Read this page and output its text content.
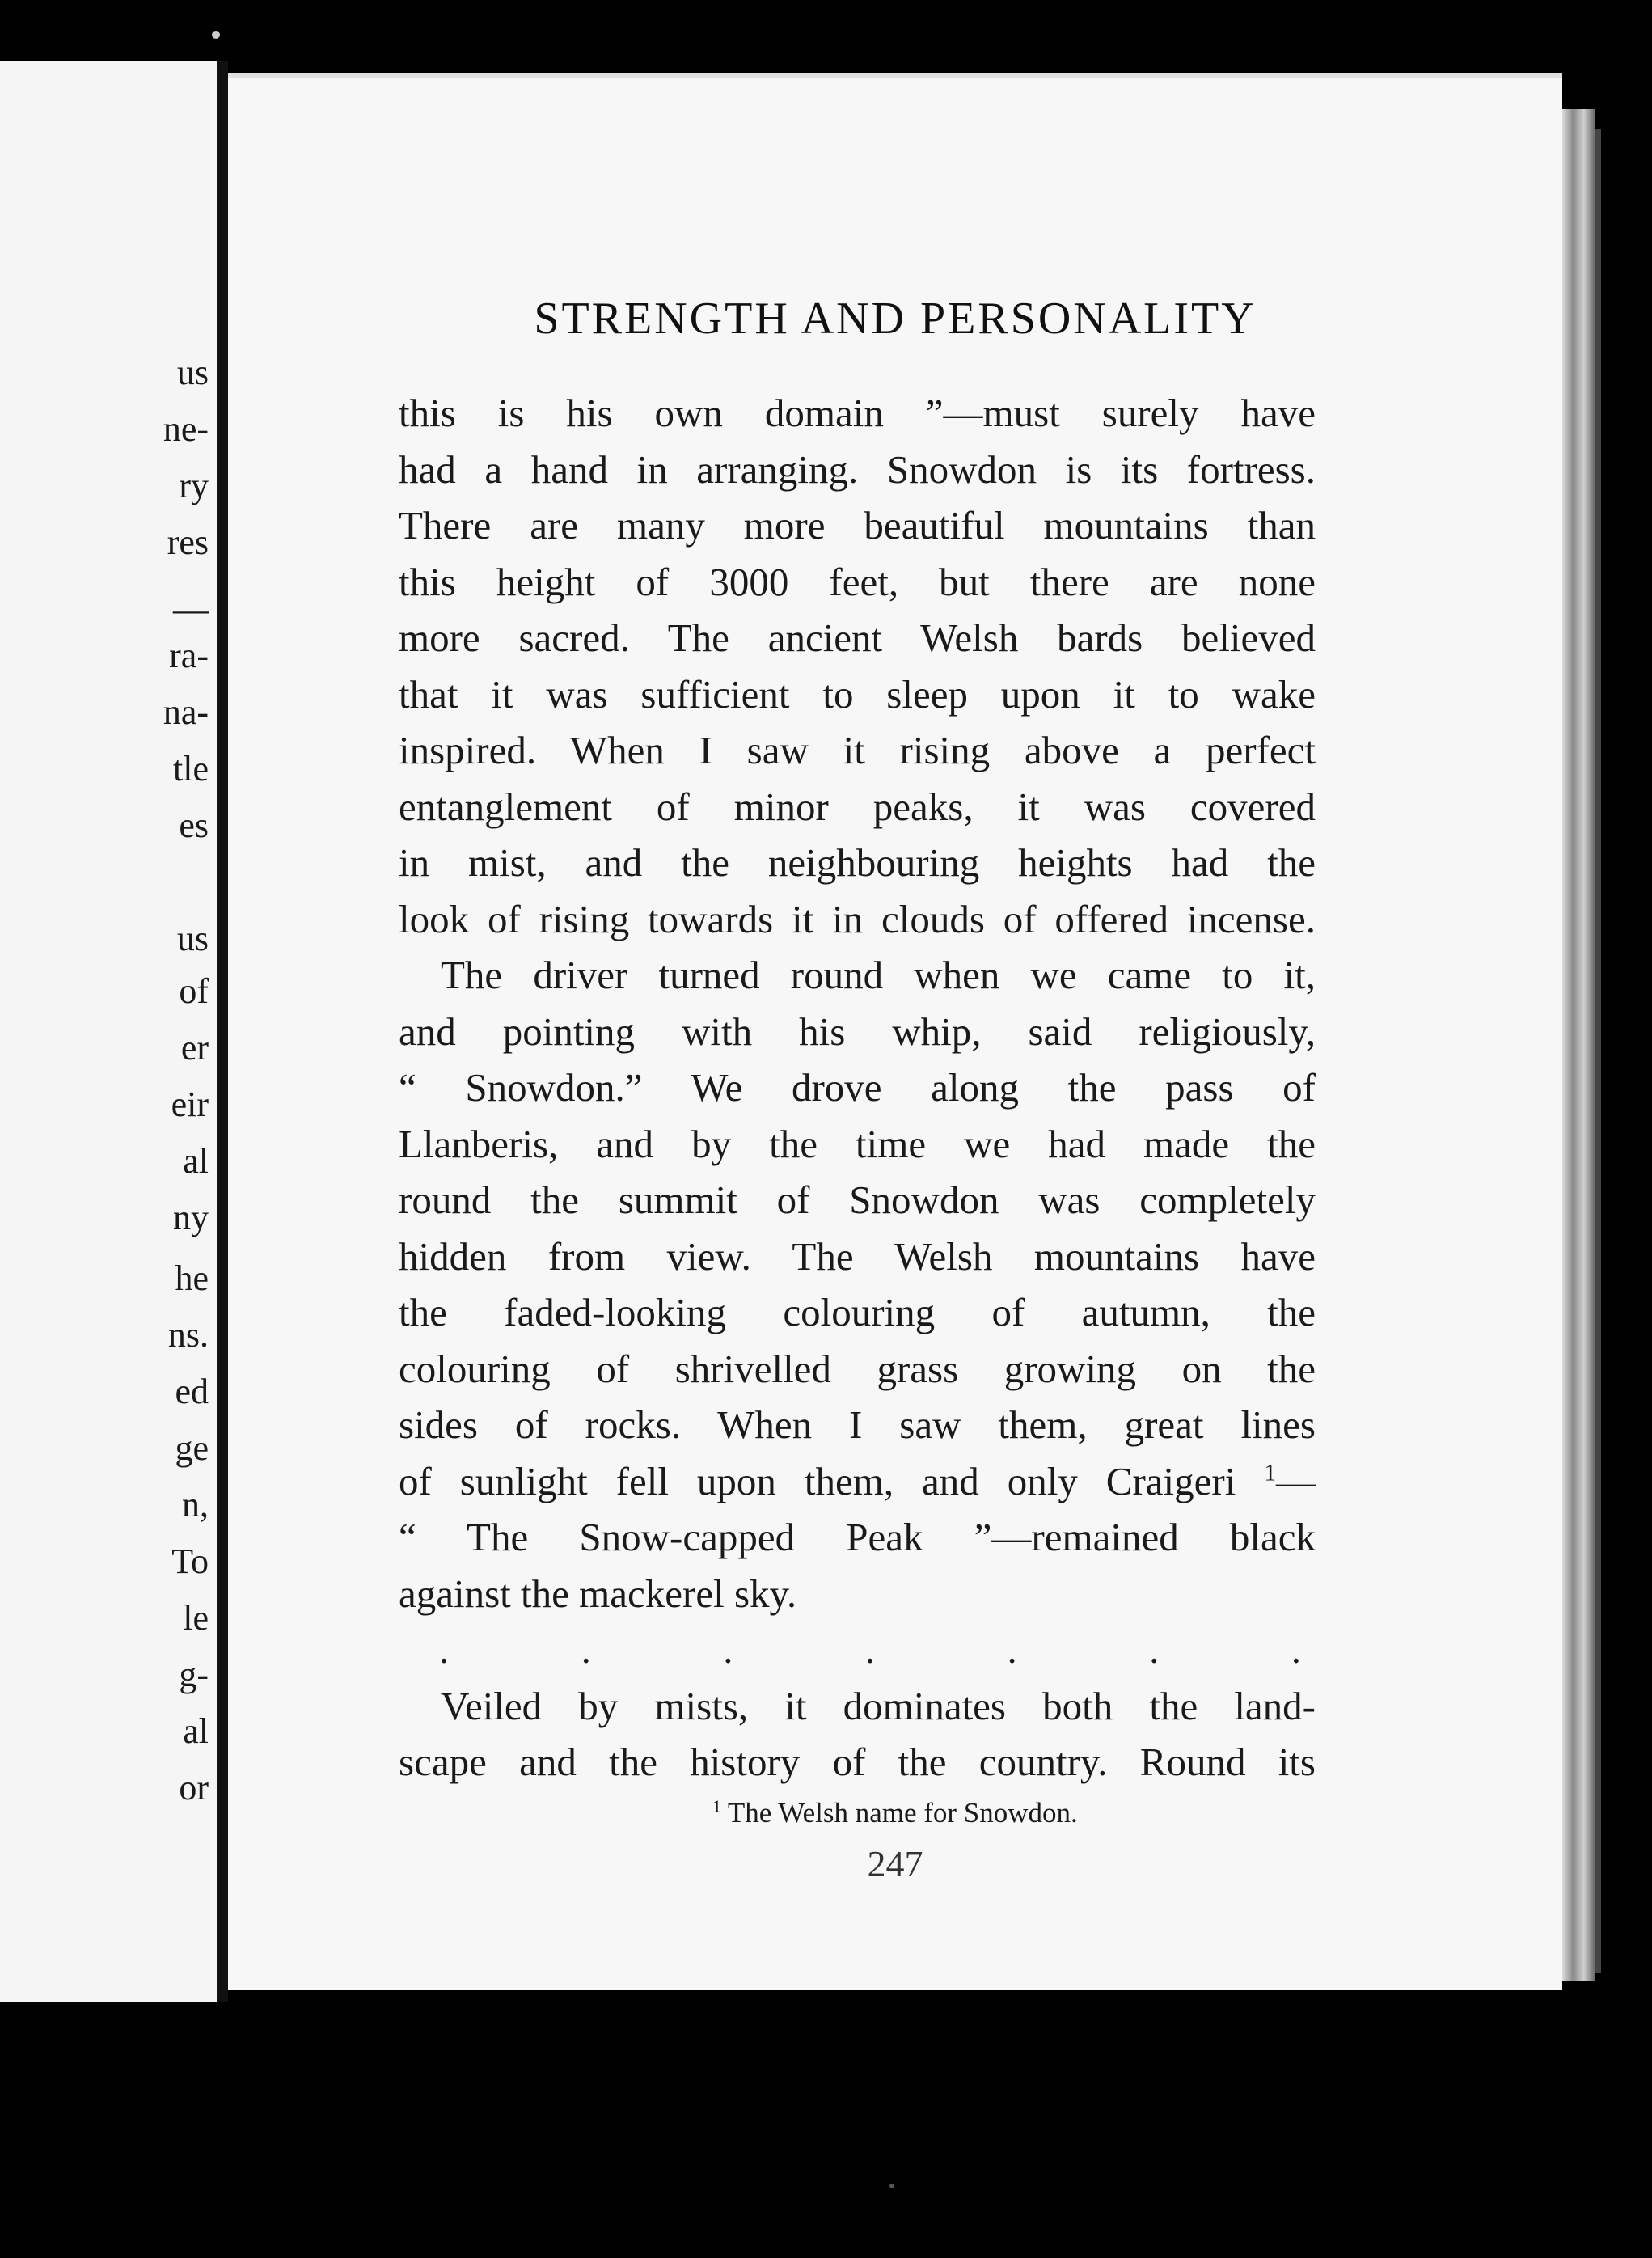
us
ne-
ry
res
—
ra-
na-
tle
es
us
of
er
eir
al
ny
he
ns.
ed
ge
n,
To
le
g-
al
or
STRENGTH AND PERSONALITY
this is his own domain ”—must surely have
had a hand in arranging. Snowdon is its fortress.
There are many more beautiful mountains than
this height of 3000 feet, but there are none
more sacred. The ancient Welsh bards believed
that it was sufficient to sleep upon it to wake
inspired. When I saw it rising above a perfect
entanglement of minor peaks, it was covered
in mist, and the neighbouring heights had the
look of rising towards it in clouds of offered incense.
The driver turned round when we came to it,
and pointing with his whip, said religiously,
“ Snowdon.” We drove along the pass of
Llanberis, and by the time we had made the
round the summit of Snowdon was completely
hidden from view. The Welsh mountains have
the faded-looking colouring of autumn, the
colouring of shrivelled grass growing on the
sides of rocks. When I saw them, great lines
of sunlight fell upon them, and only Craigeri $^1$—
“ The Snow-capped Peak ”—remained black
against the mackerel sky.
.	.	.	.	.	.	.
Veiled by mists, it dominates both the land-
scape and the history of the country. Round its
$^1$ The Welsh name for Snowdon.
247
